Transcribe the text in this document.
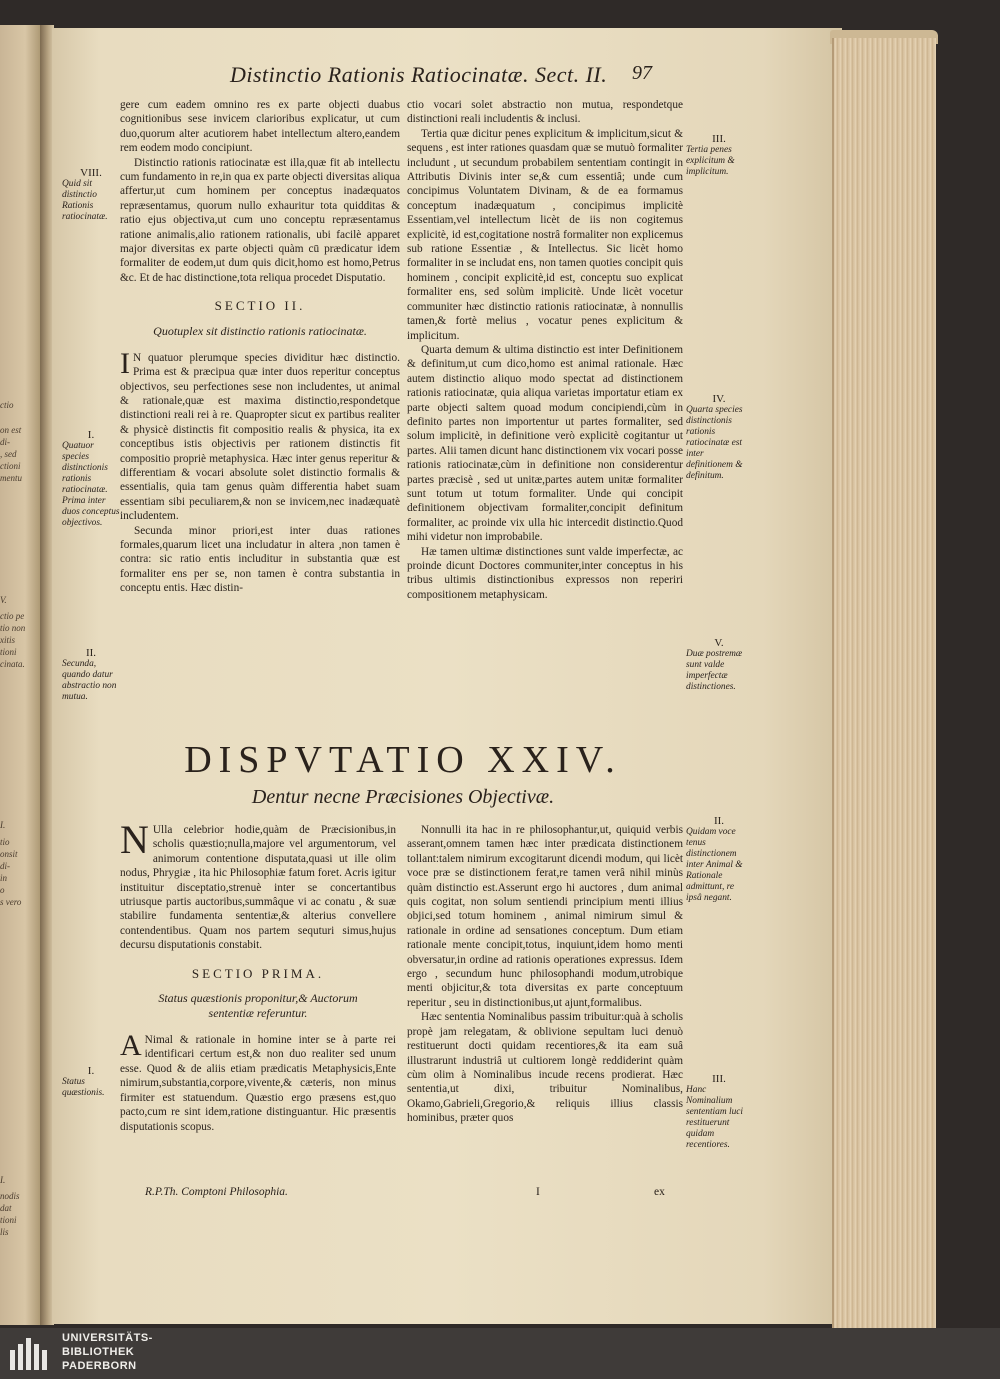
ctio
on est
di-
, sed
ctioni
mentu
V.
ctio pe
tio non
xitis
tioni
cinata.
I.
tio
onsit
di-
in
o
s vero
I.
nodis
dat
tioni
lis
Distinctio Rationis Ratiocinatæ. Sect. II. 97

gere cum eadem omnino res ex parte objecti duabus cognitionibus sese invicem clarioribus explicatur, ut cum duo,quorum alter acutiorem habet intellectum altero,eandem rem eodem modo concipiunt.

Distinctio rationis ratiocinatæ est illa,quæ fit ab intellectu cum fundamento in re,in qua ex parte objecti diversitas aliqua affertur,ut cum hominem per conceptus inadæquatos repræsentamus, quorum nullo exhauritur tota quidditas & ratio ejus objectiva,ut cum uno conceptu repræsentamus ratione animalis,alio rationem rationalis, ubi facilè apparet major diversitas ex parte objecti quàm cū prædicatur idem formaliter de eodem,ut dum quis dicit,homo est homo,Petrus &c. Et de hac distinctione,tota reliqua procedet Disputatio.

SECTIO II.

Quotuplex sit distinctio rationis ratiocinatæ.

I N quatuor plerumque species dividitur hæc distinctio. Prima est & præcipua quæ inter duos reperitur conceptus objectivos, seu perfectiones sese non includentes, ut animal & rationale,quæ est maxima distinctio,respondetque distinctioni reali rei à re. Quapropter sicut ex partibus realiter & physicè distinctis fit compositio realis & physica, ita ex conceptibus istis objectivis per rationem distinctis fit compositio propriè metaphysica. Hæc inter genus reperitur & differentiam & vocari absolute solet distinctio formalis & essentialis, quia tam genus quàm differentia habet suam essentiam sibi peculiarem,& non se invicem,nec inadæquatè includentem.

Secunda minor priori,est inter duas rationes formales,quarum licet una includatur in altera ,non tamen è contra: sic ratio entis includitur in substantia quæ est formaliter ens per se, non tamen è contra substantia in conceptu entis. Hæc distin-

ctio vocari solet abstractio non mutua, respondetque distinctioni reali includentis & inclusi.

Tertia quæ dicitur penes explicitum & implicitum,sicut & sequens , est inter rationes quasdam quæ se mutuò formaliter includunt , ut secundum probabilem sententiam contingit in Attributis Divinis inter se,& cum essentiâ; unde cum concipimus Voluntatem Divinam, & de ea formamus conceptum inadæquatum , concipimus implicitè Essentiam,vel intellectum licèt de iis non cogitemus explicitè, id est,cogitatione nostrâ formaliter non explicemus sub ratione Essentiæ , & Intellectus. Sic licèt homo formaliter in se includat ens, non tamen quoties concipit quis hominem , concipit explicitè,id est, conceptu suo explicat formaliter ens, sed solùm implicitè. Unde licèt vocetur communiter hæc distinctio rationis ratiocinatæ, à nonnullis tamen,& fortè melius , vocatur penes explicitum & implicitum.

Quarta demum & ultima distinctio est inter Definitionem & definitum,ut cum dico,homo est animal rationale. Hæc autem distinctio aliquo modo spectat ad distinctionem rationis ratiocinatæ, quia aliqua varietas importatur etiam ex parte objecti saltem quoad modum concipiendi,cùm in definito partes non importentur ut partes formaliter, sed solum implicitè, in definitione verò explicitè cogitantur ut partes. Alii tamen dicunt hanc distinctionem vix vocari posse rationis ratiocinatæ,cùm in definitione non considerentur partes præcisè , sed ut unitæ,partes autem unitæ formaliter sunt totum ut totum formaliter. Unde qui concipit definitionem objectivam formaliter,concipit definitum formaliter, ac proinde vix ulla hic intercedit distinctio.Quod mihi videtur non improbabile.

Hæ tamen ultimæ distinctiones sunt valde imperfectæ, ac proinde dicunt Doctores communiter,inter conceptus in his tribus ultimis distinctionibus expressos non reperiri compositionem metaphysicam.

VIII.
Quid sit distinctio Rationis ratiocinatæ.
I.
Quatuor species distinctionis rationis ratiocinatæ. Prima inter duos conceptus objectivos.
II.
Secunda, quando datur abstractio non mutua.
III.
Tertia penes explicitum & implicitum.
IV.
Quarta species distinctionis rationis ratiocinatæ est inter definitionem & definitum.
V.
Duæ postremæ sunt valde imperfectæ distinctiones.
DISPVTATIO XXIV.
Dentur necne Præcisiones Objectivæ.

N Ulla celebrior hodie,quàm de Præcisionibus,in scholis quæstio;nulla,majore vel argumentorum, vel animorum contentione disputata,quasi ut ille olim nodus, Phrygiæ , ita hic Philosophiæ fatum foret. Acris igitur instituitur disceptatio,strenuè inter se concertantibus utriusque partis auctoribus,summâque vi ac conatu , & suæ stabilire fundamenta sententiæ,& alterius convellere contendentibus. Quam nos partem sequturi simus,hujus decursu disputationis constabit.

SECTIO PRIMA.

Status quæstionis proponitur,& Auctorum sententiæ referuntur.

A Nimal & rationale in homine inter se à parte rei identificari certum est,& non duo realiter sed unum esse. Quod & de aliis etiam prædicatis Metaphysicis,Ente nimirum,substantia,corpore,vivente,& cæteris, non minus firmiter est statuendum. Quæstio ergo præsens est,quo pacto,cum re sint idem,ratione distinguantur. Hic præsentis disputationis scopus.

Nonnulli ita hac in re philosophantur,ut, quiquid verbis asserant,omnem tamen hæc inter prædicata distinctionem tollant:talem nimirum excogitarunt dicendi modum, qui licèt voce præ se distinctionem ferat,re tamen verâ nihil minùs quàm distinctio est.Asserunt ergo hi auctores , dum animal quis cogitat, non solum sentiendi principium menti illius objici,sed totum hominem , animal nimirum simul & rationale in ordine ad sensationes conceptum. Dum etiam rationale mente concipit,totus, inquiunt,idem homo menti obversatur,in ordine ad rationis operationes expressus. Idem ergo , secundum hunc philosophandi modum,utrobique menti objicitur,& tota diversitas ex parte conceptuum reperitur , seu in distinctionibus,ut ajunt,formalibus.

Hæc sententia Nominalibus passim tribuitur:quà à scholis propè jam relegatam, & oblivione sepultam luci denuò restituerunt docti quidam recentiores,& ita eam suâ illustrarunt industriâ ut cultiorem longè reddiderint quàm cùm olim à Nominalibus incude recens prodierat. Hæc sententia,ut dixi, tribuitur Nominalibus, Okamo,Gabrieli,Gregorio,& reliquis illius classis hominibus, præter quos

I.
Status quæstionis.
II.
Quidam voce tenus distinctionem inter Animal & Rationale admittunt, re ipsâ negant.
III.
Hanc Nominalium sententiam luci restituerunt quidam recentiores.
R.P.Th. Comptoni Philosophia.	I	ex
UNIVERSITÄTS-
BIBLIOTHEK
PADERBORN
